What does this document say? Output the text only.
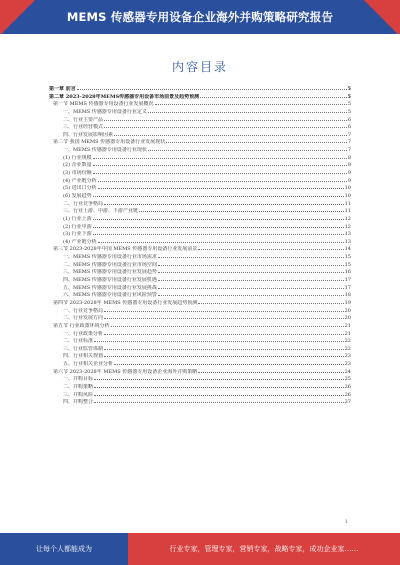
MEMS 传感器专用设备企业海外并购策略研究报告
内容目录
第一章 前言	5
第二章 2023-2028年MEMS传感器专用设备市场前景及趋势预测	5
第一节 MEMS 传感器专用设备行业发展概况	5
一、MEMS 传感器专用设备行业定义	5
二、行业主要产品	6
三、行业经营模式	6
四、行业发展影响因素	7
第二节 我国 MEMS 传感器专用设备行业发展现状	7
一、MEMS 传感器专用设备行业现状	7
(1) 行业规模	8
(2) 企业数量	8
(3) 市场份额	9
(4) 产业链分析	9
(5) 进出口分析	10
(6) 发展趋势	10
二、行业竞争格局	11
三、行业上游、中游、下游产业链	11
(1) 行业上游	12
(2) 行业中游	12
(3) 行业下游	13
(4) 产业链分析	13
第三节 2023-2028年中国 MEMS 传感器专用设备行业发展前景	14
一、MEMS 传感器专用设备行业市场需求	15
二、MEMS 传感器专用设备行业市场空间	15
三、MEMS 传感器专用设备行业发展趋势	16
四、MEMS 传感器专用设备行业发展机遇	17
五、MEMS 传感器专用设备行业发展挑战	17
六、MEMS 传感器专用设备行业风险预警	18
第四节 2023-2028年 MEMS 传感器专用设备行业发展趋势预测	19
一、行业竞争格局	20
二、行业发展方向	20
第五节 行业政策环境分析	21
一、行业政策分析	21
二、行业标准	22
三、行业监管体制	22
四、行业相关规划	23
五、行业相关企业分析	23
第六节 2023-2028年 MEMS 传感器专用设备企业海外并购策略	24
一、并购目标	25
二、并购策略	26
三、并购风险	26
四、并购整合	27
1
让每个人都能成为	行业专家，管理专家，营销专家，战略专家，成功企业家……
